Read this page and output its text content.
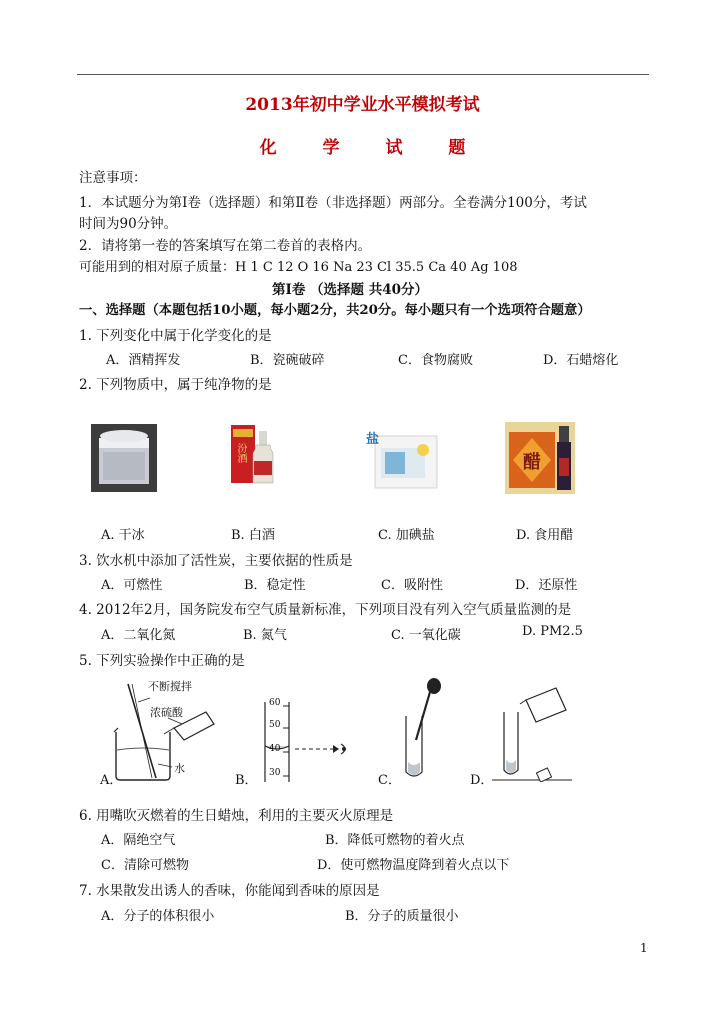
2013年初中学业水平模拟考试
化 学 试 题
注意事项：
1．本试题分为第Ⅰ卷（选择题）和第Ⅱ卷（非选择题）两部分。全卷满分100分，考试
时间为90分钟。
2．请将第一卷的答案填写在第二卷首的表格内。
可能用到的相对原子质量：H 1 C 12 O 16 Na 23 Cl 35.5 Ca 40 Ag 108
第Ⅰ卷 （选择题 共40分）
一、选择题（本题包括10小题，每小题2分，共20分。每小题只有一个选项符合题意）
1. 下列变化中属于化学变化的是
A．酒精挥发	B．瓷碗破碎	C．食物腐败	D．石蜡熔化
2. 下列物质中，属于纯净物的是
汾酒
盐
醋
A. 干冰	B. 白酒	C. 加碘盐	D. 食用醋
3. 饮水机中添加了活性炭，主要依据的性质是
A．可燃性	B．稳定性	C．吸附性	D．还原性
4. 2012年2月，国务院发布空气质量新标准，下列项目没有列入空气质量监测的是
A．二氧化氮	B. 氮气	C. 一氧化碳	D. PM2.5
5. 下列实验操作中正确的是
不断搅拌
浓硫酸
水
60
50
40
30
A．	B．	C．	D．
6. 用嘴吹灭燃着的生日蜡烛，利用的主要灭火原理是
A．隔绝空气	B．降低可燃物的着火点
C．清除可燃物	D．使可燃物温度降到着火点以下
7. 水果散发出诱人的香味，你能闻到香味的原因是
A．分子的体积很小	B．分子的质量很小
1
